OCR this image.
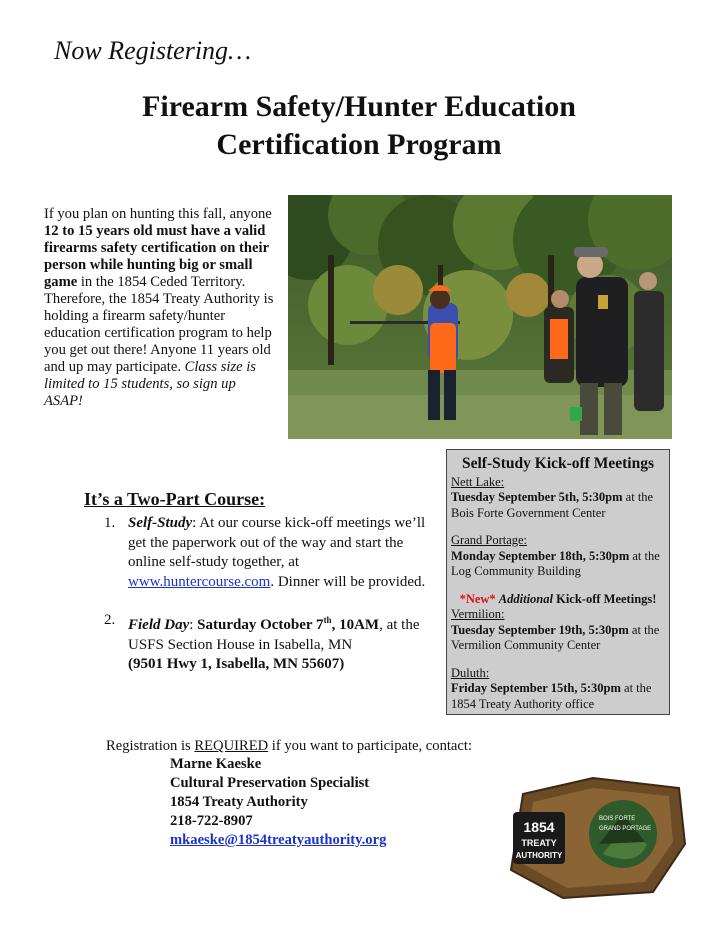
Now Registering…
Firearm Safety/Hunter Education
Certification Program
If you plan on hunting this fall, anyone 12 to 15 years old must have a valid firearms safety certification on their person while hunting big or small game in the 1854 Ceded Territory. Therefore, the 1854 Treaty Authority is holding a firearm safety/hunter education certification program to help you get out there! Anyone 11 years old and up may participate. Class size is limited to 15 students, so sign up ASAP!
It’s a Two-Part Course:
1. Self-Study: At our course kick-off meetings we’ll get the paperwork out of the way and start the online self-study together, at www.huntercourse.com. Dinner will be provided.
2. Field Day: Saturday October 7th, 10AM, at the USFS Section House in Isabella, MN
(9501 Hwy 1, Isabella, MN 55607)
Self-Study Kick-off Meetings
Nett Lake:
Tuesday September 5th, 5:30pm at the Bois Forte Government Center
Grand Portage:
Monday September 18th, 5:30pm at the Log Community Building
*New* Additional Kick-off Meetings!
Vermilion:
Tuesday September 19th, 5:30pm at the Vermilion Community Center
Duluth:
Friday September 15th, 5:30pm at the 1854 Treaty Authority office
Registration is REQUIRED if you want to participate, contact:
Marne Kaeske
Cultural Preservation Specialist
1854 Treaty Authority
218-722-8907
mkaeske@1854treatyauthority.org
1854
TREATY
AUTHORITY
BOIS FORTE
GRAND PORTAGE
